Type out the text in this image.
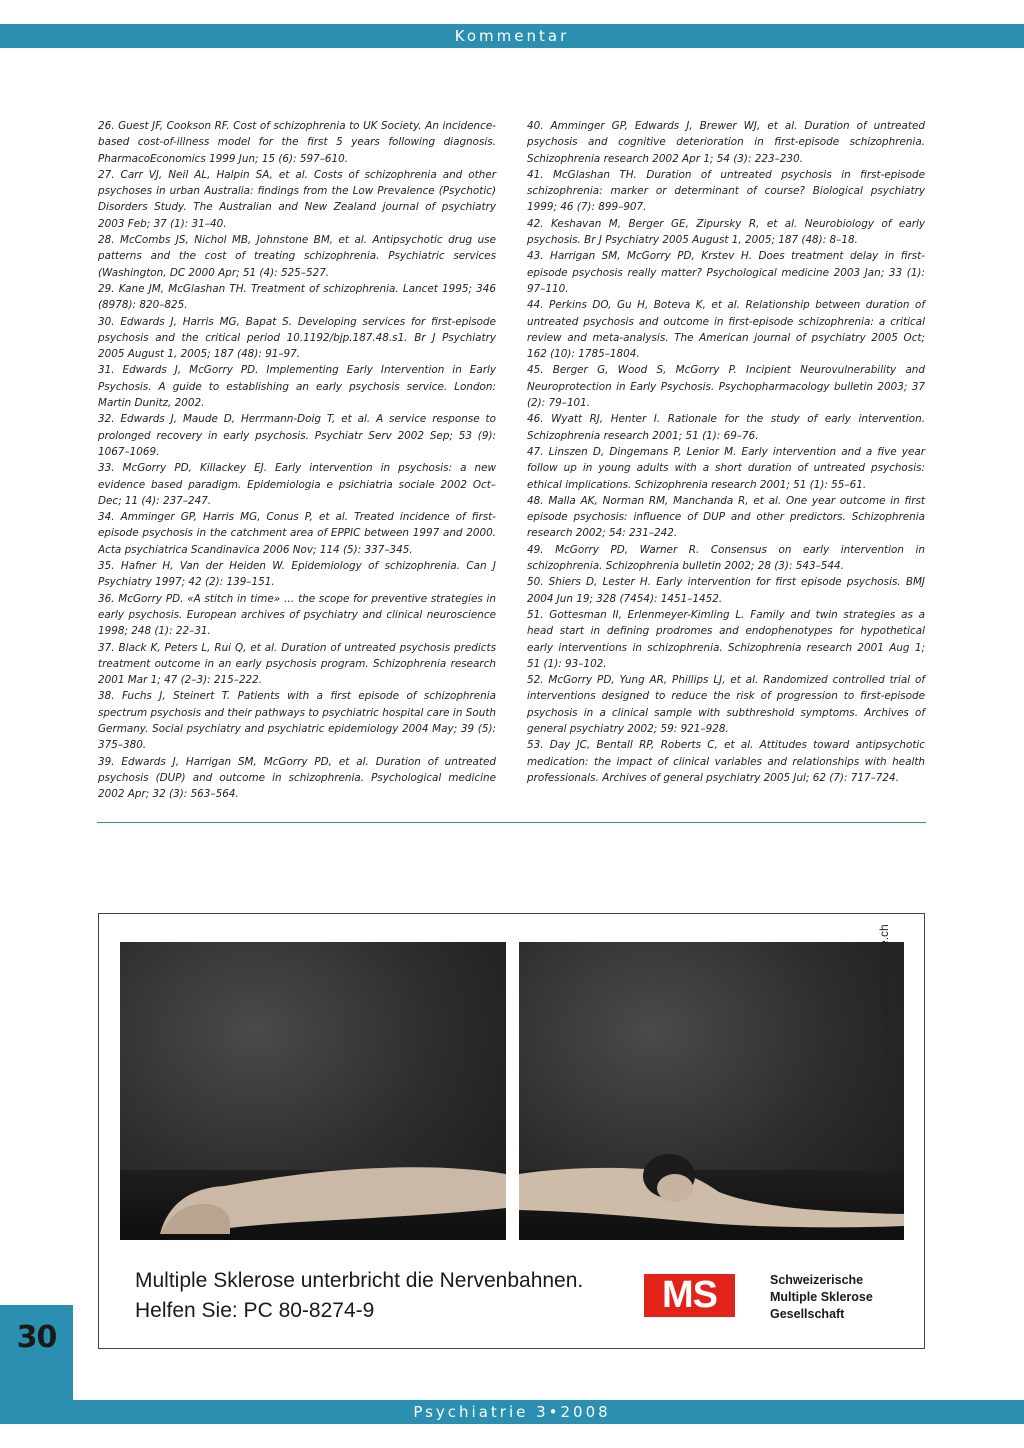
Kommentar

26. Guest JF, Cookson RF. Cost of schizophrenia to UK Society. An incidence-based cost-of-illness model for the first 5 years following diagnosis. PharmacoEconomics 1999 Jun; 15 (6): 597–610.

27. Carr VJ, Neil AL, Halpin SA, et al. Costs of schizophrenia and other psychoses in urban Australia: findings from the Low Prevalence (Psychotic) Disorders Study. The Australian and New Zealand journal of psychiatry 2003 Feb; 37 (1): 31–40.

28. McCombs JS, Nichol MB, Johnstone BM, et al. Antipsychotic drug use patterns and the cost of treating schizophrenia. Psychiatric services (Washington, DC 2000 Apr; 51 (4): 525–527.

29. Kane JM, McGlashan TH. Treatment of schizophrenia. Lancet 1995; 346 (8978): 820–825.

30. Edwards J, Harris MG, Bapat S. Developing services for first-episode psychosis and the critical period 10.1192/bjp.187.48.s1. Br J Psychiatry 2005 August 1, 2005; 187 (48): 91–97.

31. Edwards J, McGorry PD. Implementing Early Intervention in Early Psychosis. A guide to establishing an early psychosis service. London: Martin Dunitz, 2002.

32. Edwards J, Maude D, Herrmann-Doig T, et al. A service response to prolonged recovery in early psychosis. Psychiatr Serv 2002 Sep; 53 (9): 1067–1069.

33. McGorry PD, Killackey EJ. Early intervention in psychosis: a new evidence based paradigm. Epidemiologia e psichiatria sociale 2002 Oct–Dec; 11 (4): 237–247.

34. Amminger GP, Harris MG, Conus P, et al. Treated incidence of first-episode psychosis in the catchment area of EPPIC between 1997 and 2000. Acta psychiatrica Scandinavica 2006 Nov; 114 (5): 337–345.

35. Hafner H, Van der Heiden W. Epidemiology of schizophrenia. Can J Psychiatry 1997; 42 (2): 139–151.

36. McGorry PD. «A stitch in time» … the scope for preventive strategies in early psychosis. European archives of psychiatry and clinical neuroscience 1998; 248 (1): 22–31.

37. Black K, Peters L, Rui Q, et al. Duration of untreated psychosis predicts treatment outcome in an early psychosis program. Schizophrenia research 2001 Mar 1; 47 (2–3): 215–222.

38. Fuchs J, Steinert T. Patients with a first episode of schizophrenia spectrum psychosis and their pathways to psychiatric hospital care in South Germany. Social psychiatry and psychiatric epidemiology 2004 May; 39 (5): 375–380.

39. Edwards J, Harrigan SM, McGorry PD, et al. Duration of untreated psychosis (DUP) and outcome in schizophrenia. Psychological medicine 2002 Apr; 32 (3): 563–564.

40. Amminger GP, Edwards J, Brewer WJ, et al. Duration of untreated psychosis and cognitive deterioration in first-episode schizophrenia. Schizophrenia research 2002 Apr 1; 54 (3): 223–230.

41. McGlashan TH. Duration of untreated psychosis in first-episode schizophrenia: marker or determinant of course? Biological psychiatry 1999; 46 (7): 899–907.

42. Keshavan M, Berger GE, Zipursky R, et al. Neurobiology of early psychosis. Br J Psychiatry 2005 August 1, 2005; 187 (48): 8–18.

43. Harrigan SM, McGorry PD, Krstev H. Does treatment delay in first-episode psychosis really matter? Psychological medicine 2003 Jan; 33 (1): 97–110.

44. Perkins DO, Gu H, Boteva K, et al. Relationship between duration of untreated psychosis and outcome in first-episode schizophrenia: a critical review and meta-analysis. The American journal of psychiatry 2005 Oct; 162 (10): 1785–1804.

45. Berger G, Wood S, McGorry P. Incipient Neurovulnerability and Neuroprotection in Early Psychosis. Psychopharmacology bulletin 2003; 37 (2): 79–101.

46. Wyatt RJ, Henter I. Rationale for the study of early intervention. Schizophrenia research 2001; 51 (1): 69–76.

47. Linszen D, Dingemans P, Lenior M. Early intervention and a five year follow up in young adults with a short duration of untreated psychosis: ethical implications. Schizophrenia research 2001; 51 (1): 55–61.

48. Malla AK, Norman RM, Manchanda R, et al. One year outcome in first episode psychosis: influence of DUP and other predictors. Schizophrenia research 2002; 54: 231–242.

49. McGorry PD, Warner R. Consensus on early intervention in schizophrenia. Schizophrenia bulletin 2002; 28 (3): 543–544.

50. Shiers D, Lester H. Early intervention for first episode psychosis. BMJ 2004 Jun 19; 328 (7454): 1451–1452.

51. Gottesman II, Erlenmeyer-Kimling L. Family and twin strategies as a head start in defining prodromes and endophenotypes for hypothetical early interventions in schizophrenia. Schizophrenia research 2001 Aug 1; 51 (1): 93–102.

52. McGorry PD, Yung AR, Phillips LJ, et al. Randomized controlled trial of interventions designed to reduce the risk of progression to first-episode psychosis in a clinical sample with subthreshold symptoms. Archives of general psychiatry 2002; 59: 921–928.

53. Day JC, Bentall RP, Roberts C, et al. Attitudes toward antipsychotic medication: the impact of clinical variables and relationships with health professionals. Archives of general psychiatry 2005 Jul; 62 (7): 717–724.

www.multiplesklerose.ch
Multiple Sklerose unterbricht die Nervenbahnen.
Helfen Sie: PC 80-8274-9	MS	Schweizerische
Multiple Sklerose
Gesellschaft
30
Psychiatrie 3•2008
